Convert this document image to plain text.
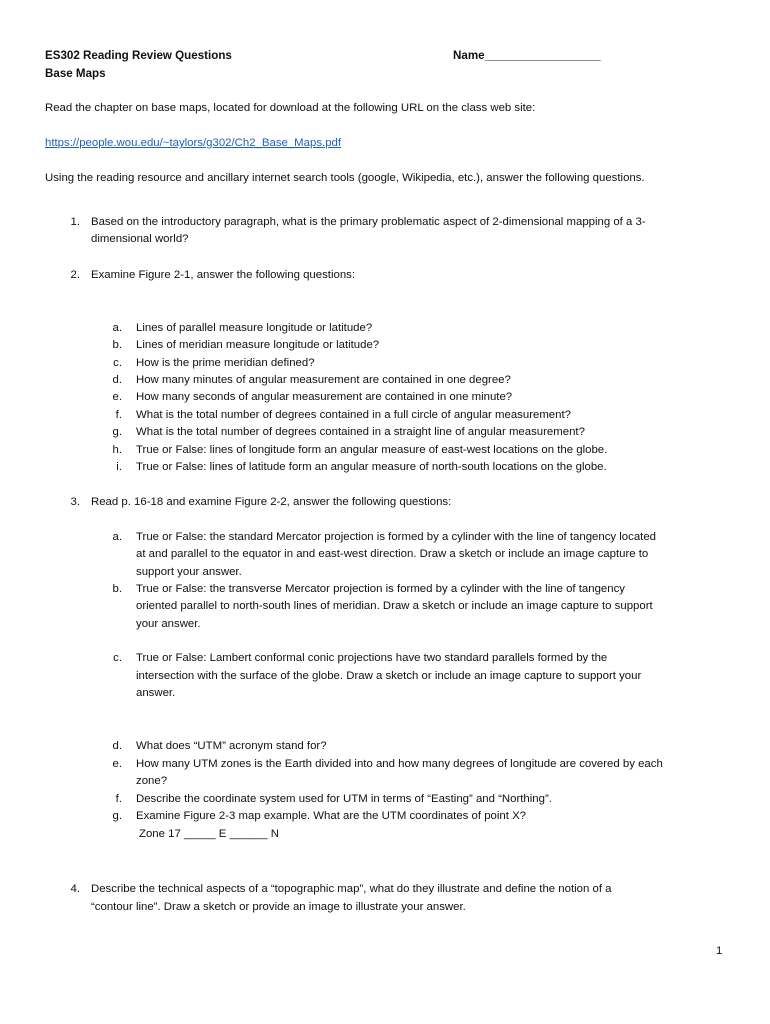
ES302 Reading Review Questions
Base Maps
Name__________________
Read the chapter on base maps, located for download at the following URL on the class web site:
https://people.wou.edu/~taylors/g302/Ch2_Base_Maps.pdf
Using the reading resource and ancillary internet search tools (google, Wikipedia, etc.), answer the following questions.
1. Based on the introductory paragraph, what is the primary problematic aspect of 2-dimensional mapping of a 3-
dimensional world?
2. Examine Figure 2-1, answer the following questions:
a. Lines of parallel measure longitude or latitude?
b. Lines of meridian measure longitude or latitude?
c. How is the prime meridian defined?
d. How many minutes of angular measurement are contained in one degree?
e. How many seconds of angular measurement are contained in one minute?
f. What is the total number of degrees contained in a full circle of angular measurement?
g. What is the total number of degrees contained in a straight line of angular measurement?
h. True or False: lines of longitude form an angular measure of east-west locations on the globe.
i. True or False: lines of latitude form an angular measure of north-south locations on the globe.
3. Read p. 16-18 and examine Figure 2-2, answer the following questions:
a. True or False: the standard Mercator projection is formed by a cylinder with the line of tangency located
at and parallel to the equator in and east-west direction. Draw a sketch or include an image capture to
support your answer.
b. True or False: the transverse Mercator projection is formed by a cylinder with the line of tangency
oriented parallel to north-south lines of meridian. Draw a sketch or include an image capture to support
your answer.
c. True or False: Lambert conformal conic projections have two standard parallels formed by the
intersection with the surface of the globe. Draw a sketch or include an image capture to support your
answer.
d. What does “UTM” acronym stand for?
e. How many UTM zones is the Earth divided into and how many degrees of longitude are covered by each
zone?
f. Describe the coordinate system used for UTM in terms of “Easting” and “Northing”.
g. Examine Figure 2-3 map example. What are the UTM coordinates of point X?
Zone 17 _____ E ______ N
4. Describe the technical aspects of a “topographic map”, what do they illustrate and define the notion of a
“contour line”. Draw a sketch or provide an image to illustrate your answer.
1
